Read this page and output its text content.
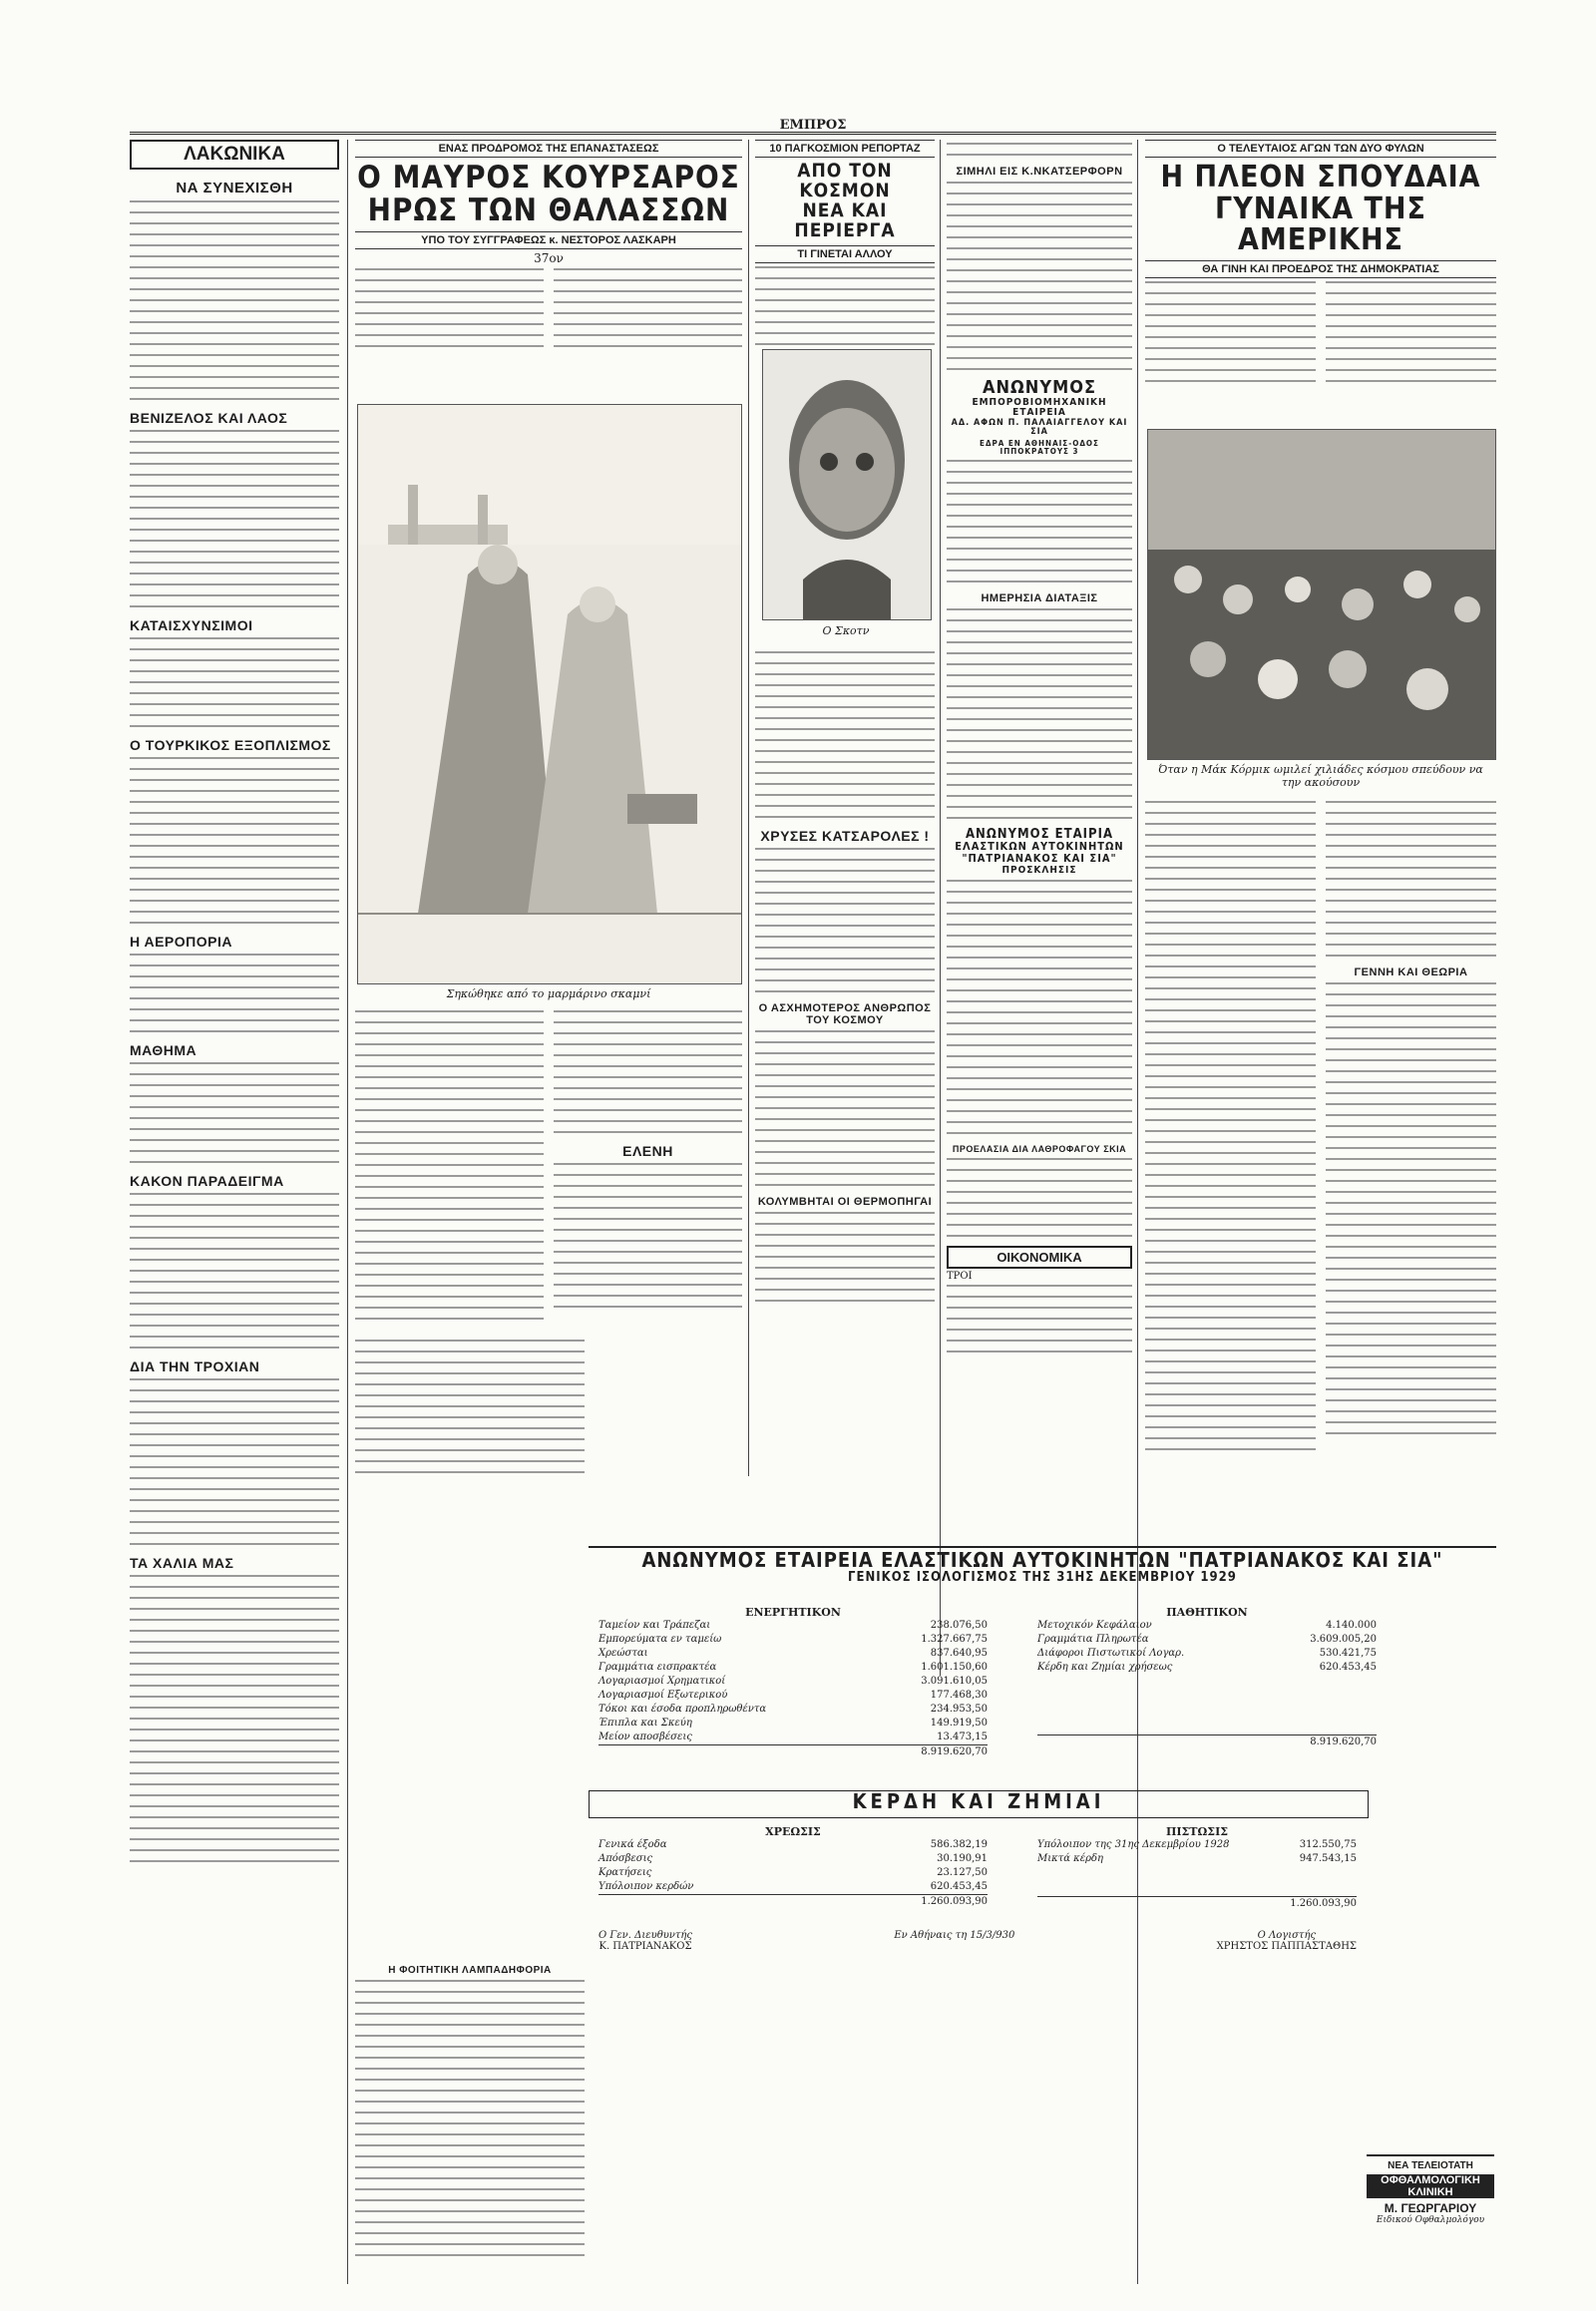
ΕΜΠΡΟΣ
ΛΑΚΩΝΙΚΑ
ΝΑ ΣΥΝΕΧΙΣΘΗ
ΒΕΝΙΖΕΛΟΣ ΚΑΙ ΛΑΟΣ
ΚΑΤΑΙΣΧΥΝΣΙΜΟΙ
Ο ΤΟΥΡΚΙΚΟΣ ΕΞΟΠΛΙΣΜΟΣ
Η ΑΕΡΟΠΟΡΙΑ
ΜΑΘΗΜΑ
ΚΑΚΟΝ ΠΑΡΑΔΕΙΓΜΑ
ΔΙΑ ΤΗΝ ΤΡΟΧΙΑΝ
ΤΑ ΧΑΛΙΑ ΜΑΣ
ΕΝΑΣ ΠΡΟΔΡΟΜΟΣ ΤΗΣ ΕΠΑΝΑΣΤΑΣΕΩΣ
Ο ΜΑΥΡΟΣ ΚΟΥΡΣΑΡΟΣ
ΗΡΩΣ ΤΩΝ ΘΑΛΑΣΣΩΝ
ΥΠΟ ΤΟΥ ΣΥΓΓΡΑΦΕΩΣ κ. ΝΕΣΤΟΡΟΣ ΛΑΣΚΑΡΗ
37ον
Σηκώθηκε από το μαρμάρινο σκαμνί
ΕΛΕΝΗ
10 ΠΑΓΚΟΣΜΙΟΝ ΡΕΠΟΡΤΑΖ
ΑΠΟ ΤΟΝ ΚΟΣΜΟΝ
ΝΕΑ ΚΑΙ ΠΕΡΙΕΡΓΑ
ΤΙ ΓΙΝΕΤΑΙ ΑΛΛΟΥ
Ο Σκοτν
ΧΡΥΣΕΣ ΚΑΤΣΑΡΟΛΕΣ !
Ο ΑΣΧΗΜΟΤΕΡΟΣ ΑΝΘΡΩΠΟΣ ΤΟΥ ΚΟΣΜΟΥ
ΚΟΛΥΜΒΗΤΑΙ ΟΙ ΘΕΡΜΟΠΗΓΑΙ
ΣΙΜΗΛΙ ΕΙΣ Κ.ΝΚΑΤΣΕΡΦΟΡΝ
ΑΝΩΝΥΜΟΣ
ΕΜΠΟΡΟΒΙΟΜΗΧΑΝΙΚΗ ΕΤΑΙΡΕΙΑ
ΑΔ. ΑΦΩΝ Π. ΠΑΛΑΙΑΓΓΕΛΟΥ ΚΑΙ ΣΙΑ
ΕΔΡΑ ΕΝ ΑΘΗΝΑΙΣ-ΟΔΟΣ ΙΠΠΟΚΡΑΤΟΥΣ 3
ΗΜΕΡΗΣΙΑ ΔΙΑΤΑΞΙΣ
ΑΝΩΝΥΜΟΣ ΕΤΑΙΡΙΑ
ΕΛΑΣΤΙΚΩΝ ΑΥΤΟΚΙΝΗΤΩΝ
"ΠΑΤΡΙΑΝΑΚΟΣ ΚΑΙ ΣΙΑ"
ΠΡΟΣΚΛΗΣΙΣ
ΠΡΟΕΛΑΣΙΑ ΔΙΑ ΛΑΘΡΟΦΑΓΟΥ ΣΚΙΑ
ΟΙΚΟΝΟΜΙΚΑ
ΤΡΟΙ
Ο ΤΕΛΕΥΤΑΙΟΣ ΑΓΩΝ ΤΩΝ ΔΥΟ ΦΥΛΩΝ
Η ΠΛΕΟΝ ΣΠΟΥΔΑΙΑ
ΓΥΝΑΙΚΑ ΤΗΣ ΑΜΕΡΙΚΗΣ
ΘΑ ΓΙΝΗ ΚΑΙ ΠΡΟΕΔΡΟΣ ΤΗΣ ΔΗΜΟΚΡΑΤΙΑΣ
Όταν η Μάκ Κόρμικ ωμιλεί χιλιάδες κόσμου σπεύδουν να την ακούσουν
ΓΕΝΝΗ ΚΑΙ ΘΕΩΡΙΑ
ΝΕΑ ΤΕΛΕΙΟΤΑΤΗ
ΟΦΘΑΛΜΟΛΟΓΙΚΗ ΚΛΙΝΙΚΗ
Μ. ΓΕΩΡΓΑΡΙΟΥ
Ειδικού Οφθαλμολόγου
ΑΝΩΝΥΜΟΣ ΕΤΑΙΡΕΙΑ ΕΛΑΣΤΙΚΩΝ ΑΥΤΟΚΙΝΗΤΩΝ "ΠΑΤΡΙΑΝΑΚΟΣ ΚΑΙ ΣΙΑ"
ΓΕΝΙΚΟΣ ΙΣΟΛΟΓΙΣΜΟΣ ΤΗΣ 31ΗΣ ΔΕΚΕΜΒΡΙΟΥ 1929
ΕΝΕΡΓΗΤΙΚΟΝ
Ταμείον και Τράπεζαι	238.076,50
Εμπορεύματα εν ταμείω	1.327.667,75
Χρεώσται	837.640,95
Γραμμάτια εισπρακτέα	1.601.150,60
Λογαριασμοί Χρηματικοί	3.091.610,05
Λογαριασμοί Εξωτερικού	177.468,30
Τόκοι και έσοδα προπληρωθέντα	234.953,50
Έπιπλα και Σκεύη	149.919,50
Μείον αποσβέσεις	13.473,15
8.919.620,70
ΠΑΘΗΤΙΚΟΝ
Μετοχικόν Κεφάλαιον	4.140.000
Γραμμάτια Πληρωτέα	3.609.005,20
Διάφοροι Πιστωτικοί Λογαρ.	530.421,75
Κέρδη και Ζημίαι χρήσεως	620.453,45
8.919.620,70
ΚΕΡΔΗ ΚΑΙ ΖΗΜΙΑΙ
ΧΡΕΩΣΙΣ
Γενικά έξοδα	586.382,19
Απόσβεσις	30.190,91
Κρατήσεις	23.127,50
Υπόλοιπον κερδών	620.453,45
1.260.093,90
ΠΙΣΤΩΣΙΣ
Υπόλοιπον της 31ης Δεκεμβρίου 1928	312.550,75
Μικτά κέρδη	947.543,15
1.260.093,90
Ο Γεν. Διευθυντής
Κ. ΠΑΤΡΙΑΝΑΚΟΣ
Εν Αθήναις τη 15/3/930	Ο Λογιστής
ΧΡΗΣΤΟΣ ΠΑΠΠΑΣΤΑΘΗΣ
Η ΦΟΙΤΗΤΙΚΗ ΛΑΜΠΑΔΗΦΟΡΙΑ
